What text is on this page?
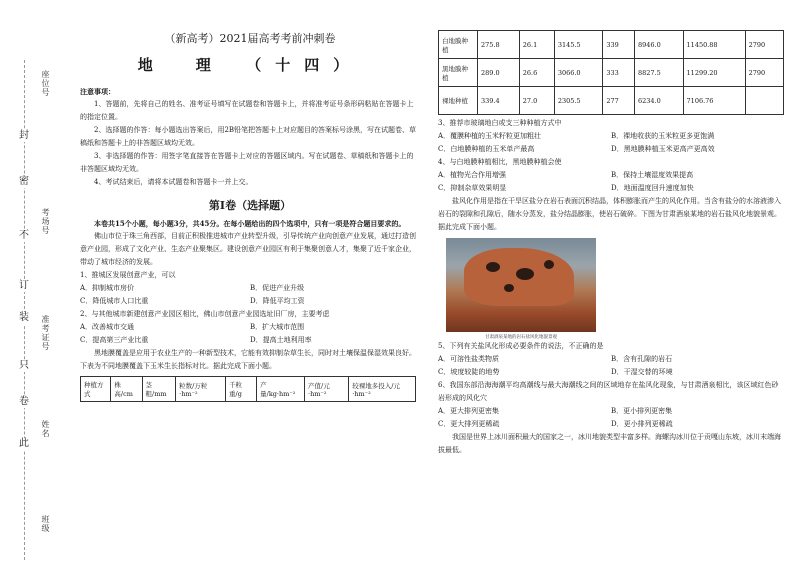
座位号
考场号
准考证号
姓名
班级
封
密
不
订
装
只
卷
此
（新高考）2021届高考考前冲刺卷
地　理　（十四）

注意事项：

1、答题前，先将自己的姓名、准考证号填写在试题卷和答题卡上，并将准考证号条形码粘贴在答题卡上的指定位置。

2、选择题的作答：每小题选出答案后，用2B铅笔把答题卡上对应题目的答案标号涂黑，写在试题卷、草稿纸和答题卡上的非答题区域均无效。

3、非选择题的作答：用签字笔直接答在答题卡上对应的答题区域内。写在试题卷、草稿纸和答题卡上的非答题区域均无效。

4、考试结束后，请将本试题卷和答题卡一并上交。

第Ⅰ卷（选择题）

本卷共15个小题，每小题3分，共45分。在每小题给出的四个选项中，只有一项是符合题目要求的。

佛山市位于珠三角西部，目前正积极推进城市产业转型升级，引导传统产业向创意产业发展，通过打造创意产业园，形成了文化产业、生态产业聚集区。建设创意产业园区有利于集聚创意人才，集聚了近千家企业，带动了城市经济的发展。

1、推城区发展创意产业，可以

A．抑制城市房价	B．促进产业升级
C．降低城市人口比重	D．降低平均工资

2、与其他城市新建创意产业园区相比，佛山市创意产业园选址旧厂房，主要考虑

A．改善城市交通	B．扩大城市范围
C．提高第三产业比重	D．提高土地利用率

黑地膜覆盖是应用于农业生产的一种新型技术，它能有效抑制杂草生长，同时对土壤保温保湿效果良好。下表为不同地膜覆盖下玉米生长指标对比。据此完成下面小题。

种植方式	株高/cm	茎粗/mm	粒数/万粒·hm⁻²	千粒重/g	产量/kg·hm⁻²	产值/元·hm⁻²	较裸地多投入/元·hm⁻²
白地膜种植	275.8	26.1	3145.5	339	8946.0	11450.88	2790
黑地膜种植	289.0	26.6	3066.0	333	8827.5	11299.20	2790
裸地种植	339.4	27.0	2305.5	277	6234.0	7106.76	

3、推荐市玻璃地白或支三种种植方式中

A．覆膜种植的玉米籽粒更加粗壮	B．裸地收获的玉米粒更多更饱满
C．白地膜种植的玉米单产最高	D．黑地膜种植玉米更高产更高效

4、与白地膜种植相比，黑地膜种植会使

A．植物光合作用增强	B．保持土壤湿度效果提高
C．抑制杂草效果明显	D．地面温度回升速度加快

盐风化作用是指在干旱区盐分在岩石表面沉积结晶，体积膨胀而产生的风化作用。当含有盐分的水溶液渗入岩石的裂隙和孔隙后，随水分蒸发，盐分结晶膨胀，使岩石破碎。下图为甘肃酒泉某地的岩石盐风化地貌景观。据此完成下面小题。

甘肃酒泉某地的岩石盐风化地貌景观

5、下列有关盐风化形成必要条件的说法，不正确的是

A．可溶性盐类物质	B．含有孔隙的岩石
C．坡度较陡的地势	D．干湿交替的环境

6、我国东部沿海海潮平均高潮线与最大海潮线之间的区域地存在盐风化现象，与甘肃酒泉相比，该区域红色砂岩形成的风化穴

A．更大排列更密集	B．更小排列更密集
C．更大排列更稀疏	D．更小排列更稀疏

我国是世界上冰川面积最大的国家之一，冰川地貌类型丰富多样。海螺沟冰川位于贡嘎山东坡，冰川末端海拔最低。
